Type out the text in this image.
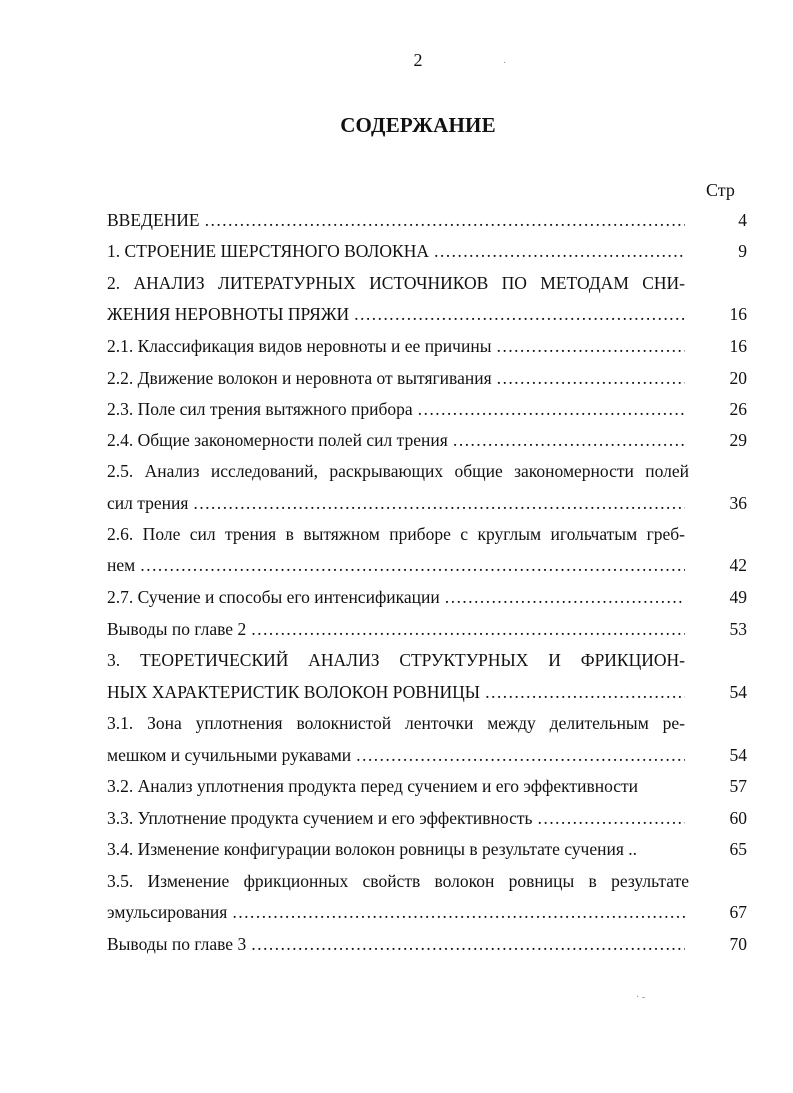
2
СОДЕРЖАНИЕ
Стр
ВВЕДЕНИЕ ……………………………………………………………………………………………………………………………………	4
1. СТРОЕНИЕ ШЕРСТЯНОГО ВОЛОКНА ……………………………………………………………………………………………………………………………………	9
2. АНАЛИЗ ЛИТЕРАТУРНЫХ ИСТОЧНИКОВ ПО МЕТОДАМ СНИ-
ЖЕНИЯ НЕРОВНОТЫ ПРЯЖИ ……………………………………………………………………………………………………………………………………	16
2.1. Классификация видов неровноты и ее причины ……………………………………………………………………………………………………………………………………	16
2.2. Движение волокон и неровнота от вытягивания ……………………………………………………………………………………………………………………………………	20
2.3. Поле сил трения вытяжного прибора ……………………………………………………………………………………………………………………………………	26
2.4. Общие закономерности полей сил трения ……………………………………………………………………………………………………………………………………	29
2.5. Анализ исследований, раскрывающих общие закономерности полей
сил трения ……………………………………………………………………………………………………………………………………	36
2.6. Поле сил трения в вытяжном приборе с круглым игольчатым греб-
нем ……………………………………………………………………………………………………………………………………	42
2.7. Сучение и способы его интенсификации ……………………………………………………………………………………………………………………………………	49
Выводы по главе 2 ……………………………………………………………………………………………………………………………………	53
3. ТЕОРЕТИЧЕСКИЙ АНАЛИЗ СТРУКТУРНЫХ И ФРИКЦИОН-
НЫХ ХАРАКТЕРИСТИК ВОЛОКОН РОВНИЦЫ ……………………………………………………………………………………………………………………………………	54
3.1. Зона уплотнения волокнистой ленточки между делительным ре-
мешком и сучильными рукавами ……………………………………………………………………………………………………………………………………	54
3.2. Анализ уплотнения продукта перед сучением и его эффективности	57
3.3. Уплотнение продукта сучением и его эффективность ……………………………………………………………………………………………………………………………………	60
3.4. Изменение конфигурации волокон ровницы в результате сучения ..	65
3.5. Изменение фрикционных свойств волокон ровницы в результате
эмульсирования ……………………………………………………………………………………………………………………………………	67
Выводы по главе 3 ……………………………………………………………………………………………………………………………………	70
·
· -
